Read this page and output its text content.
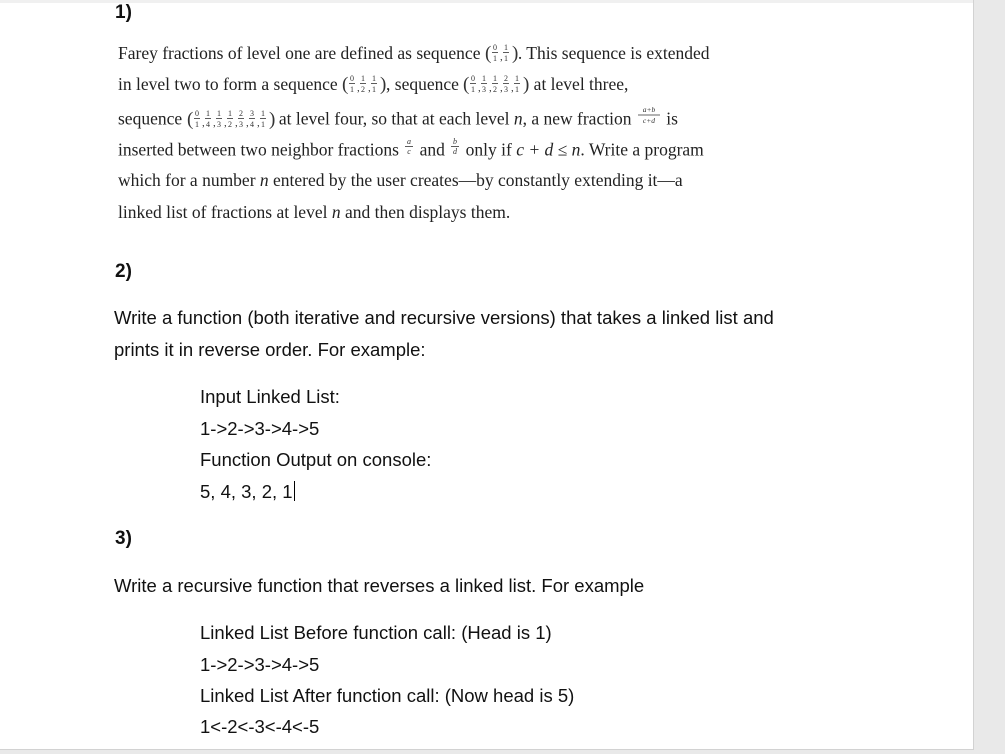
1)
Farey fractions of level one are defined as sequence ( 0
1 ,
1
1 ) . This sequence is extended
in level two to form a sequence ( 0
1 ,
1
2 ,
1
1 ) , sequence ( 0
1 ,
1
3 ,
1
2 ,
2
3 ,
1
1 ) at level three,
sequence ( 0
1 ,
1
4 ,
1
3 ,
1
2 ,
2
3 ,
3
4 ,
1
1 ) at level four, so that at each level n, a new fraction a+b
c+d is
inserted between two neighbor fractions a
c and b
d only if c + d ≤ n. Write a program
which for a number n entered by the user creates—by constantly extending it—a
linked list of fractions at level n and then displays them.
2)
Write a function (both iterative and recursive versions) that takes a linked list and
prints it in reverse order. For example:
Input Linked List:
1->2->3->4->5
Function Output on console:
5, 4, 3, 2, 1
3)
Write a recursive function that reverses a linked list. For example
Linked List Before function call: (Head is 1)
1->2->3->4->5
Linked List After function call: (Now head is 5)
1<-2<-3<-4<-5
